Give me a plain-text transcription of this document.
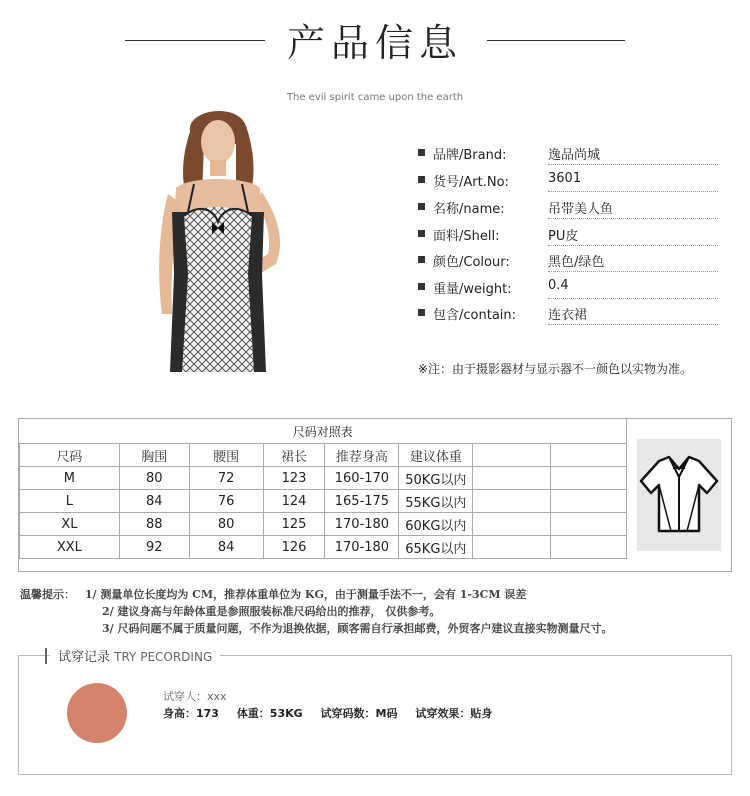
产品信息
The evil spirit came upon the earth
品牌/Brand:	逸品尚城
货号/Art.No:	3601
名称/name:	吊带美人鱼
面料/Shell:	PU皮
颜色/Colour:	黑色/绿色
重量/weight:	0.4
包含/contain: 连衣裙
※注：由于摄影器材与显示器不一颜色以实物为准。
尺码对照表							
尺码	胸围	腰围	裙长	推荐身高	建议体重		
M	80	72	123	160-170	50KG以内		
L	84	76	124	165-175	55KG以内		
XL	88	80	125	170-180	60KG以内		
XXL	92	84	126	170-180	65KG以内		
温馨提示： 1/ 测量单位长度均为 CM，推荐体重单位为 KG，由于测量手法不一，会有 1-3CM 误差
2/ 建议身高与年龄体重是参照服装标准尺码给出的推荐， 仅供参考。
3/ 尺码问题不属于质量问题，不作为退换依据，顾客需自行承担邮费，外贸客户建议直接实物测量尺寸。
试穿记录 TRY PECORDING
试穿人：xxx
身高：173 体重：53KG 试穿码数：M码 试穿效果：贴身
